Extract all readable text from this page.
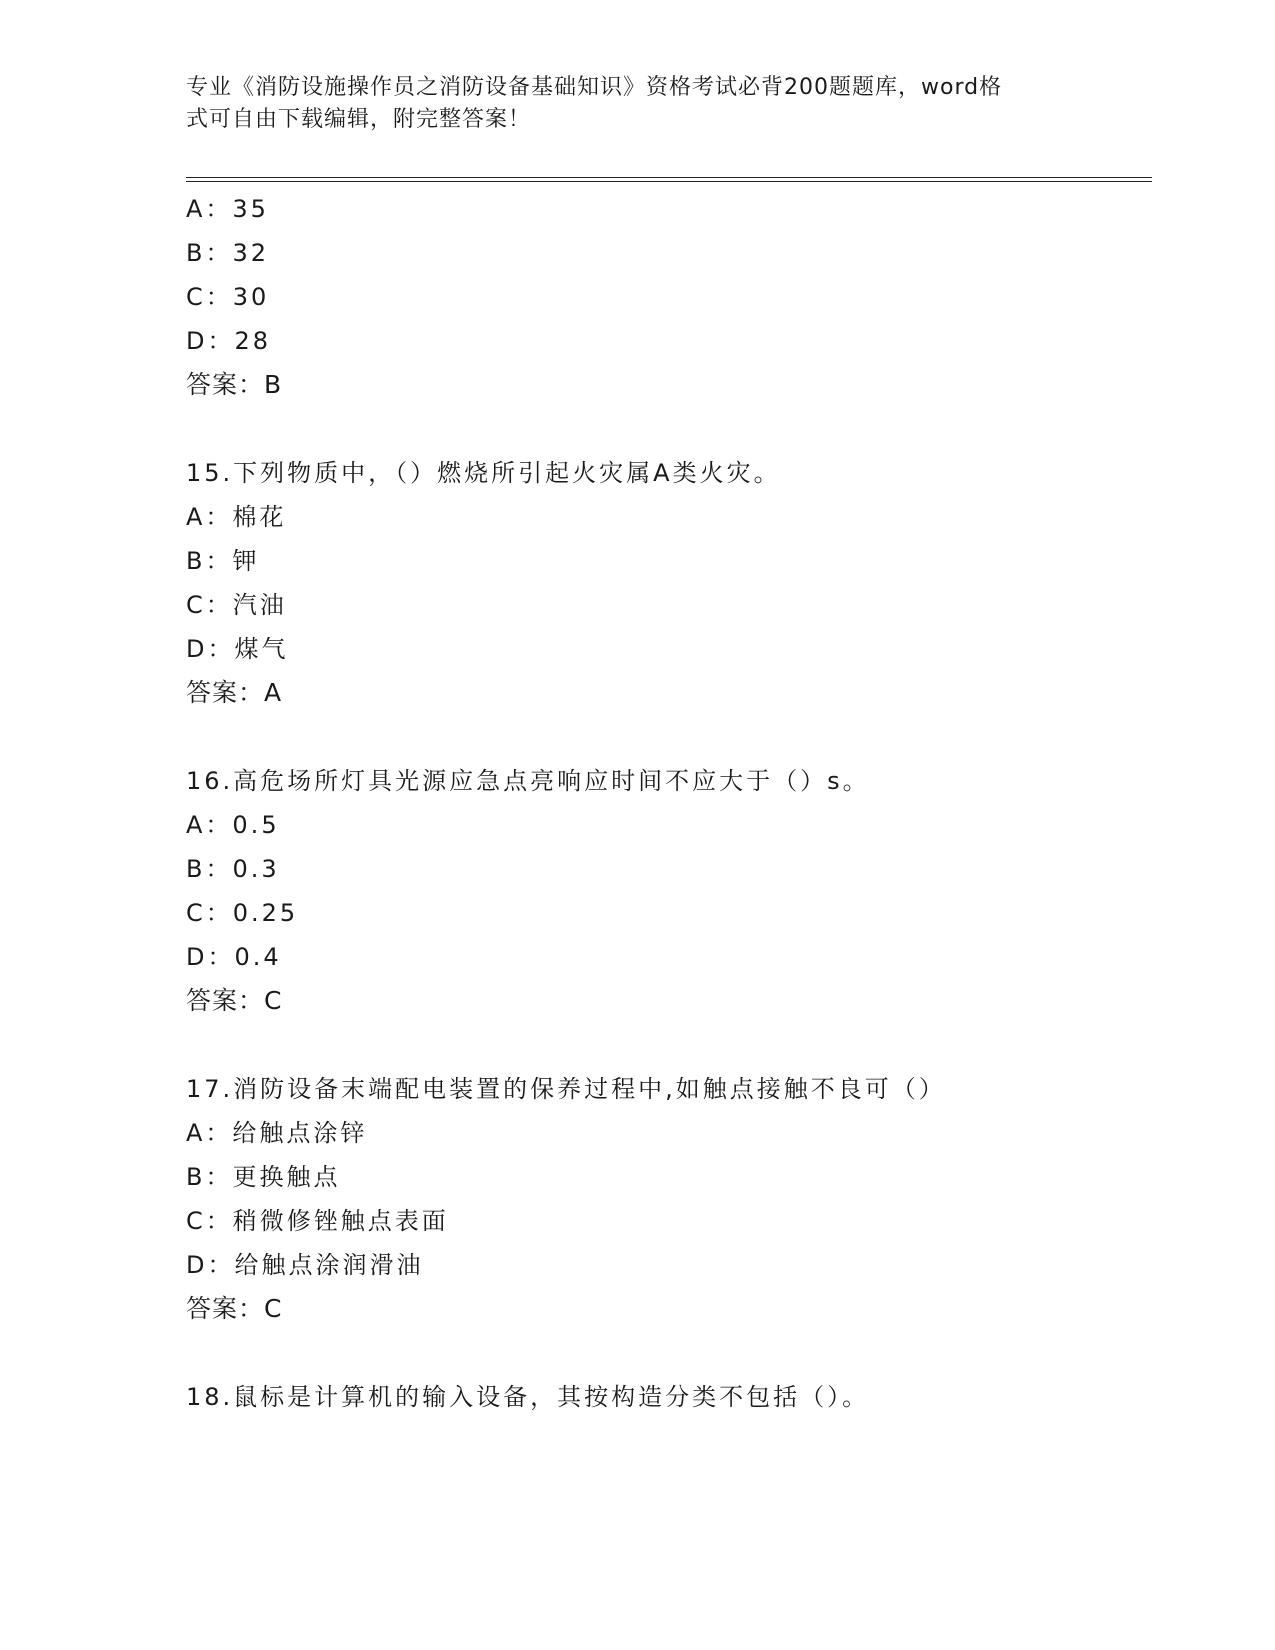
专业《消防设施操作员之消防设备基础知识》资格考试必背200题题库，word格
式可自由下载编辑，附完整答案！
A：35
B：32
C：30
D：28
答案：B
15.下列物质中，（）燃烧所引起火灾属A类火灾。
A：棉花
B：钾
C：汽油
D：煤气
答案：A
16.高危场所灯具光源应急点亮响应时间不应大于（）s。
A：0.5
B：0.3
C：0.25
D：0.4
答案：C
17.消防设备末端配电装置的保养过程中,如触点接触不良可（）
A：给触点涂锌
B：更换触点
C：稍微修锉触点表面
D：给触点涂润滑油
答案：C
18.鼠标是计算机的输入设备，其按构造分类不包括（）。
